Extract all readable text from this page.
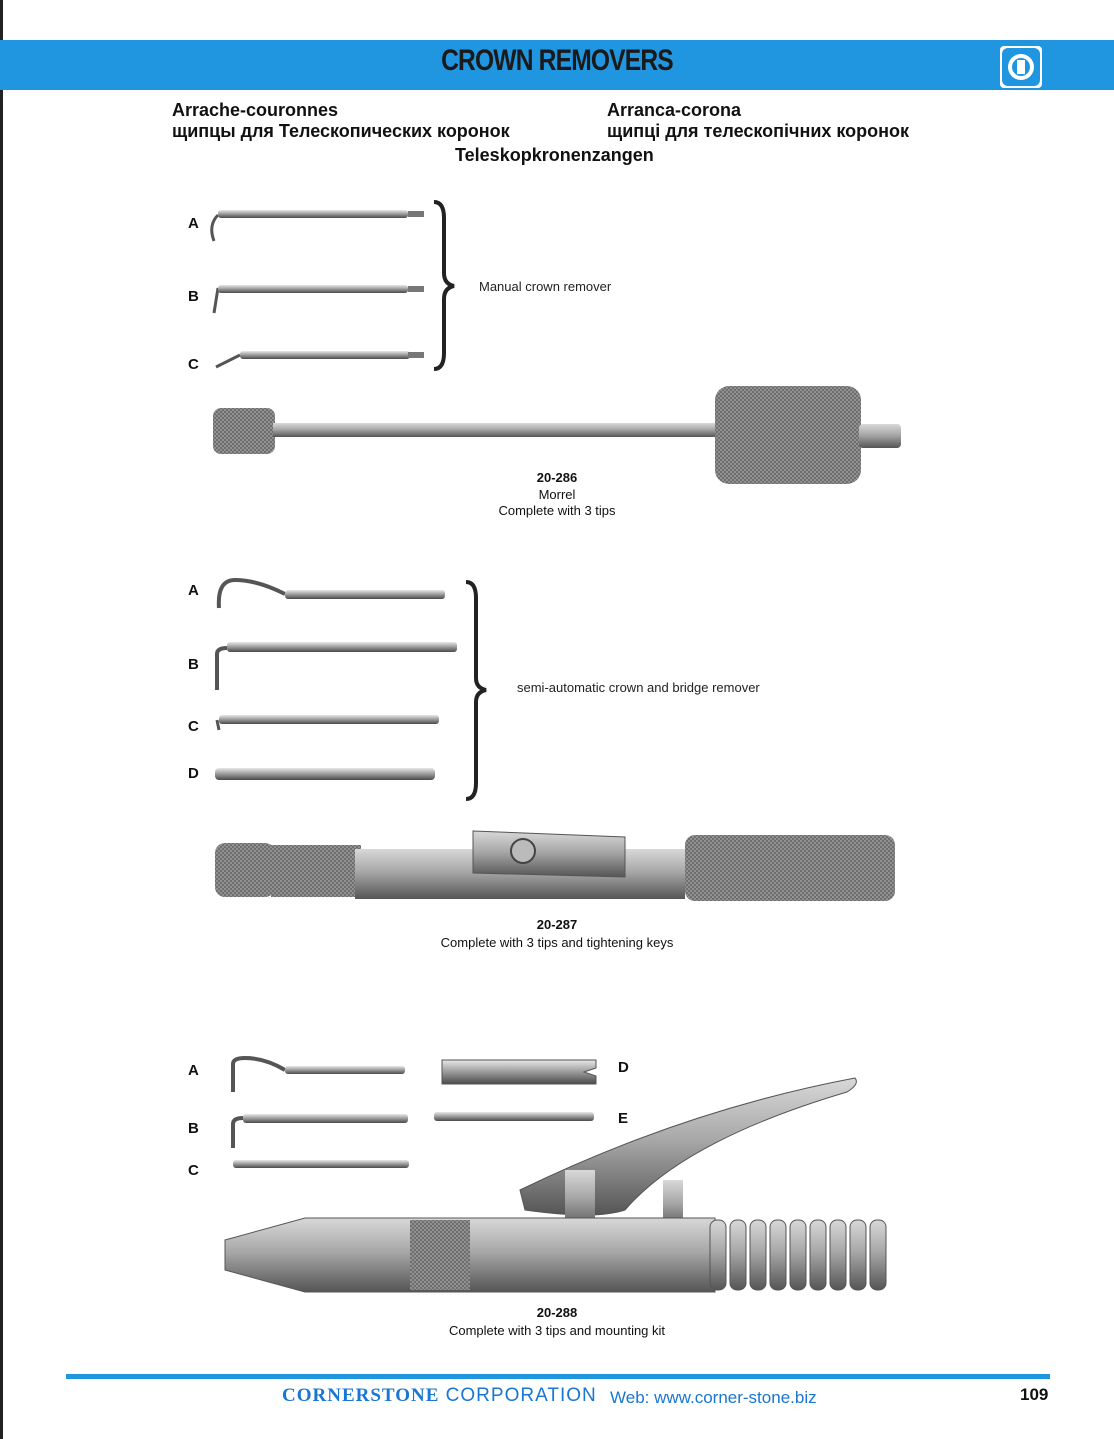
CROWN REMOVERS
Arrache-couronnes
щипцы для Телескопических коронок
Arranca-corona
щипці для телескопічних коронок
Teleskopkronenzangen
A
B
C
Manual crown remover
20-286
Morrel
Complete with 3 tips
A
B
C
D
semi-automatic crown and bridge remover
20-287
Complete with 3 tips and tightening keys
A
B
C
D
E
20-288
Complete with 3 tips and mounting kit
CORNERSTONE CORPORATION Web: www.corner-stone.biz	109
